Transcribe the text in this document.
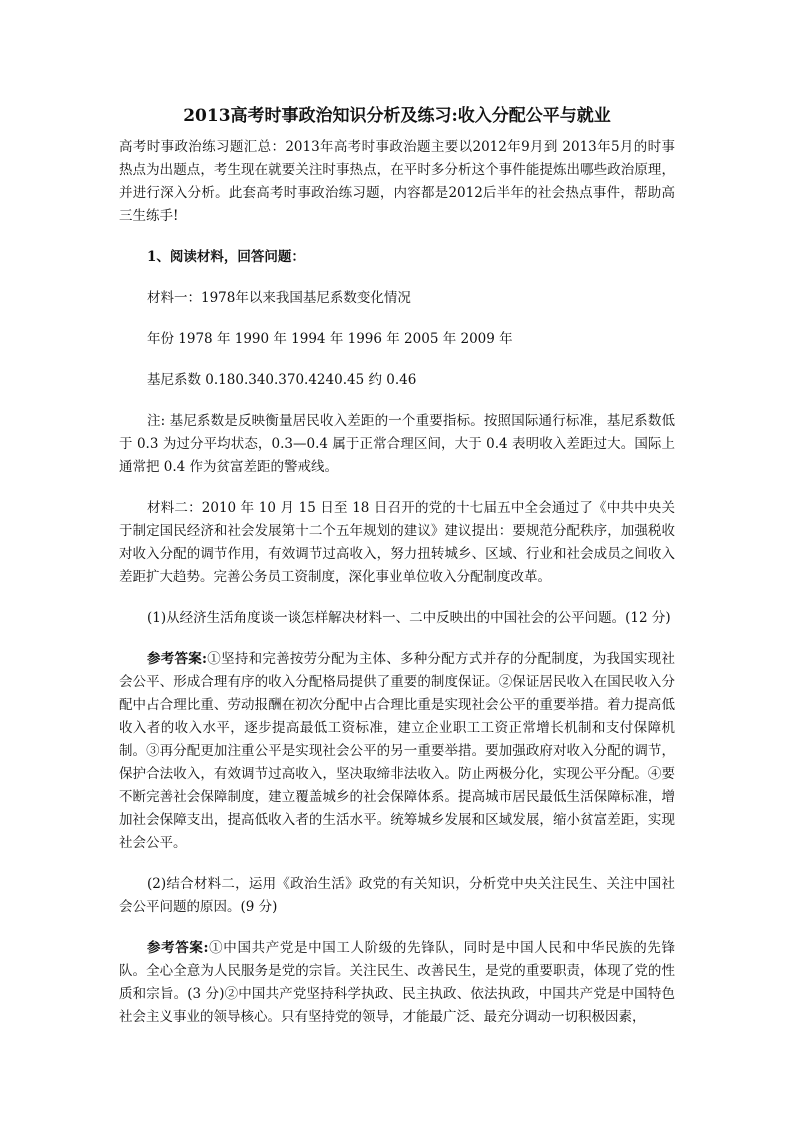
2013高考时事政治知识分析及练习:收入分配公平与就业

高考时事政治练习题汇总：2013年高考时事政治题主要以2012年9月到 2013年5月的时事热点为出题点，考生现在就要关注时事热点，在平时多分析这个事件能提炼出哪些政治原理，并进行深入分析。此套高考时事政治练习题，内容都是2012后半年的社会热点事件，帮助高三生练手!

1、阅读材料，回答问题：

材料一：1978年以来我国基尼系数变化情况

年份 1978 年 1990 年 1994 年 1996 年 2005 年 2009 年

基尼系数 0.180.340.370.4240.45 约 0.46

注: 基尼系数是反映衡量居民收入差距的一个重要指标。按照国际通行标准，基尼系数低于 0.3 为过分平均状态，0.3—0.4 属于正常合理区间，大于 0.4 表明收入差距过大。国际上通常把 0.4 作为贫富差距的警戒线。

材料二：2010 年 10 月 15 日至 18 日召开的党的十七届五中全会通过了《中共中央关于制定国民经济和社会发展第十二个五年规划的建议》建议提出：要规范分配秩序，加强税收对收入分配的调节作用，有效调节过高收入，努力扭转城乡、区域、行业和社会成员之间收入差距扩大趋势。完善公务员工资制度，深化事业单位收入分配制度改革。

(1)从经济生活角度谈一谈怎样解决材料一、二中反映出的中国社会的公平问题。(12 分)

参考答案:①坚持和完善按劳分配为主体、多种分配方式并存的分配制度，为我国实现社会公平、形成合理有序的收入分配格局提供了重要的制度保证。②保证居民收入在国民收入分配中占合理比重、劳动报酬在初次分配中占合理比重是实现社会公平的重要举措。着力提高低收入者的收入水平，逐步提高最低工资标准，建立企业职工工资正常增长机制和支付保障机制。③再分配更加注重公平是实现社会公平的另一重要举措。要加强政府对收入分配的调节，保护合法收入，有效调节过高收入，坚决取缔非法收入。防止两极分化，实现公平分配。④要不断完善社会保障制度，建立覆盖城乡的社会保障体系。提高城市居民最低生活保障标准，增加社会保障支出，提高低收入者的生活水平。统筹城乡发展和区域发展，缩小贫富差距，实现社会公平。

(2)结合材料二，运用《政治生活》政党的有关知识，分析党中央关注民生、关注中国社会公平问题的原因。(9 分)

参考答案:①中国共产党是中国工人阶级的先锋队，同时是中国人民和中华民族的先锋队。全心全意为人民服务是党的宗旨。关注民生、改善民生，是党的重要职责，体现了党的性质和宗旨。(3 分)②中国共产党坚持科学执政、民主执政、依法执政，中国共产党是中国特色社会主义事业的领导核心。只有坚持党的领导，才能最广泛、最充分调动一切积极因素，
